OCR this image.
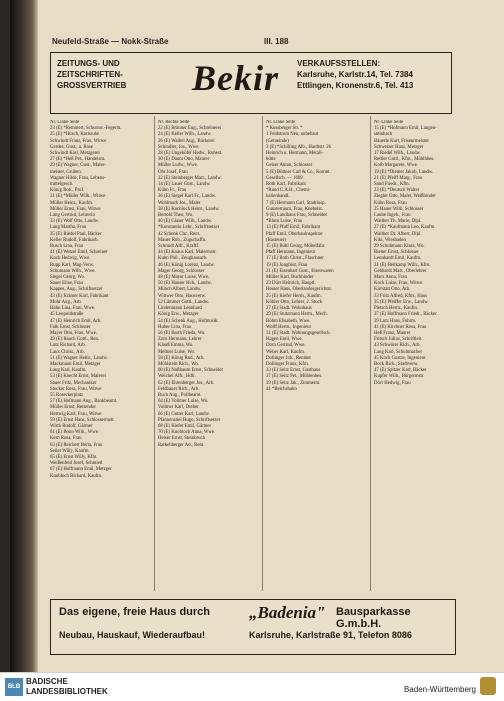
Neufeld-Straße — Nokk-Straße	III. 188
ZEITUNGS- UND
ZEITSCHRIFTEN-
GROSSVERTRIEB	Bekir VERKAUFSSTELLEN:
Karlsruhe, Karlstr.14, Tel. 7384
Ettlingen, Kronenstr.6, Tel. 413
Nr. Linke Seite
23 (E) *Remmert, Schornst.-Fegerm.
25 (E) *Hüsch, Karlsruhe
Schwindt Franz, Frau, Witwe
Gerdes, Gust., u. Rose
Schwindt Karl, Metzgerei
27 (E) *Heß Pet., Handelsm.
29 (E) Wagner, Gust., Maler-
meister, Gruben.
Wagner Hilde, Frau, Lebens-
mittelgesch.
König Rob., Prof.
31 (E) *Müller Wilh., Witwe
Müller Heinr., Kaufm.
Müller Ernst, Frau, Witwe
Lang Gertrud, Lehrerin
33 (E) Wolf Otto, Landw.
Lang Martha, Frau
35 (E) Riedel Paul, Bäcker
Keller Rudolf, Fabrikarb.
Busch Lina, Frau
41 (E) Wetzel Emil, Schreiner
Koch Hedwig, Wwe.
Rupp Karl, Mag-Verw.
Schumann Wilh., Wwe.
Siegel Georg, Wo.
Sauer Elise, Frau
Kappes, Aug., Schriftsetzer
43 (E) Krämer Karl, Fabrikant
Mohr Aug., Arb.
Hahn Lina, Frau, Wwe.
45 Leopoldstraße
47 (E) Heinrich Emil, Arb.
Falk Ernst, Schlosser
Mayer Otto, Frau, Wwe.
49 (E) Rauch Gottl., Ren.
Lutz Richard, Arb.
Laux Christ., Arb.
51 (E) Wagner Heinr., Landw.
Mackmann Emil, Metzger
Lang Karl, Kaufm.
53 (E) Knecht Ernst, Malerei
Sauer Fritz, Mechaniker
Stocker Rosa, Frau, Witwe
55 Roseckerplatz
57 (E) Hofmann Aug., Bankbeamt.
Müller Ernst, Reisender
Hertwig Karl, Frau, Witwe
59 (E) Ernst Hans, Schlossermstr.
Wirth Rudolf, Gärtner
61 (E) Bonn Wilh., Wwe.
Kern Rosa, Frau
63 (E) Reichert Berta, Frau
Seiler Willy, Kaufm.
65 (E) Ernst Willy, Kfm.
Weißenfeld Josef, Schmied
67 (E) Hoffmann Emil, Metzger
Knobloch Richard, Kaufm.
Nr. Rechte Seite
22 (E) Bräuner Eug., Schreinerei
24 (E) Keller Wilh., Landw.
26 (E) Waibel Aug., Bäckerei
Schindler, Jos., Wwe.
28 (E) Ungehöfer Hedw., Ruhest.
30 (E) Daum Otto, Maurer
Müller Ludw., Wwe.
Ohr Josef, Frau
32 (E) Steinberger Mart., Landw.
34 (E) Lauer Gust., Landw.
Kühn Fr., Frau
36 (E) Siegel Karl Fr., Landw.
Wohlmuth Jos., Maler
38 (E) Kochloch Heinr., Landw.
Bertold Theo, Wo.
40 (E) Glaser Wilh., Landw.
*Konstantin Lehr., Schriftsetzer
42 Schenk Chr., Rent.
Mauer Rob., Zugschaffn.
Schmidt Alfr., Kraftf.
44 (E) Knaus Karl, Malermstr.
Kuhn Phil., Zeughausarb.
46 (E) König Lorenz, Landw.
Mager Georg, Schlosser
48 (E) Mayer Luise, Wwe.
50 (E) Hauser Hch., Landw.
Münch Albert, Landw.
Wittwer Otto, Hausverw.
52 Lämmer Gottl., Landw.
Lindenmann Leonhard
König Erw., Metzger
54 (E) Schenk Aug., Hofmusik.
Huber Lina, Frau
56 (E) Barth Frieda, Wo.
Zorn Hermann, Lehrer
Klauß Emma, Wo.
Melmer Luise, Wo.
58 (E) König Rud., Arb.
Mühlstein Rich., Wo.
60 (E) Nußbaum Ernst, Schneider
Weichel Alfr., Hdlr.
62 (E) Ehrenberger Jos., Arb.
Feldbauer Rich., Arb.
Ruch Aug., Pollbeamt.
64 (E) Vollmer Luise, Wo.
Vollmer Karl, Dreher
66 (E) Gutter Karl, Landw.
Pfannenstiel Hugo, Schriftsetzer
68 (E) Kiefer Emil, Gärtner
70 (E) Knobloch Anna, Wwe.
Heiser Ernst, Steinbruch
Ratkehberger Ad., Rent.
Nr. Linke Seite
* Kussberger Str. *
1 Feldstrom Neu, unbebaut
(Gemeinde)
3 (E) *Schilling Alb., Hardtstr. 26
Heinrich u. Hermann, Metall-
hütte
Geiser Anton, Schlosser
5 (E) Büttner Carl & Co., Komm.
Gesellsch. — 1609
Roth Karl, Fabrikant
*Rund C.A.H., Chemi-
kalienhandl.
7 (E) Hermann Carl, Stadtinsp.
Gunsterraum, Frau, Knebelst.
9 (E) Landhaus Frau, Schneider
*Blum Luise, Frau
13 (E) Pfaff Emil, Fabrikant
Pfaff Emil, Oberbauinspektor
(Rasteuer)
15 (E) Bühl Georg, Möbelfabr.
Pfaff Hermann, Ingenieur
17 (E) Roth Christ., Flaschner
19 (E) Jungblut, Frau
21 (E) Eisenhart Gust., Eisenwaren
Müller Karl, Buchbinder
23 Dürr Heinrich, Hauptl.
Hesser Hans, Oberlandesgerichtsr.
25 (E) Kiefer Herm., Kaufm.
Köhler Otto, Lehrer, 2. Stock
27 (E) Stadt. Wohnhaus
29 (E) Stutzmann Herm., Mech.
Böhm Elisabeth, Wwe.
Wolff Herm., Ingenieur
31 (E) Stadt. Wohnungsgesellsch.
Hagen Emil, Wwe.
Dorn Gertrud, Wwe.
Weber Karl, Kaufm.
Dollinger Joh., Rentner
Dollinger Franz, Kfm.
33 (E) Seitz Ernst, Gasthaus
37 (E) Seitz Pet., Mühlenbes.
39 (E) Seitz Jak., Zimmerm.
41 *Reichsbahn
Nr. Linke Seite
15 (E) *Hofmann Emil, Langen-
steinbach
Bäuerle Kurt, Friseurmeister
Schweizer Hans, Metzger
17 Riedel Wilh., Landw.
Rettler Gottl., Kfm., Mühlhbes.
Kolb Margarete, Wwe.
19 (E) *Diemer Jakob, Landw.
21 (E) Pfeiff Marg., Frau
Sand Friedr., Kfm.
23 (E) *Deutsch Walter
Ziegler Otto, Maler, Weißbinder
Kühn Rosa, Frau
25 Hauer Willi, Schlosser
Laube Ingeb., Frau
Walther Th. Marie, Dipl.
27 (E) *Kaufmann Leo, Kaufm.
Walther Dr. Albert, Dipl.
Kiki, Wiesbaden
29 Schuhmann Klara, Wo.
Riener Ernst, Schlosser
Leonhardt Emil, Kaufm.
31 (E) Heitkamp Wilh., Kfm.
Gebhardt Mart., Oberlehrer
Marx Anna, Frau
Koch Luise, Frau, Witwe
Kirrstatt Otto, Arb.
33 Fritz Alfred, Kfm., Haus
35 (E) Pfeiffer Erw., Landw.
Pietsch Herm., Kaufm.
37 (E) Hoffmann Friedr., Bäcker
39 Lutz Hans, Fuhrm.
41 (E) Kirchner Rosa, Frau
Heß Franz, Maurer
Fritsch Julius, Schriftleit.
43 Schwörer Rich., Arb.
Lang Karl, Schuhmacher
45 Koch Gustav, Ingenieur
Bock Rich., Stadtverw.
47 (E) Spitzer Karl, Bäcker
Kupfer Wilh., Bürgermstr.
Dörr Hedwig, Frau
Das eigene, freie Haus durch „Badenia" Bausparkasse G.m.b.H.
Neubau, Hauskauf, Wiederaufbau!	Karlsruhe, Karlstraße 91, Telefon 8086
BLB
BADISCHE
LANDESBIBLIOTHEK	Baden-Württemberg
